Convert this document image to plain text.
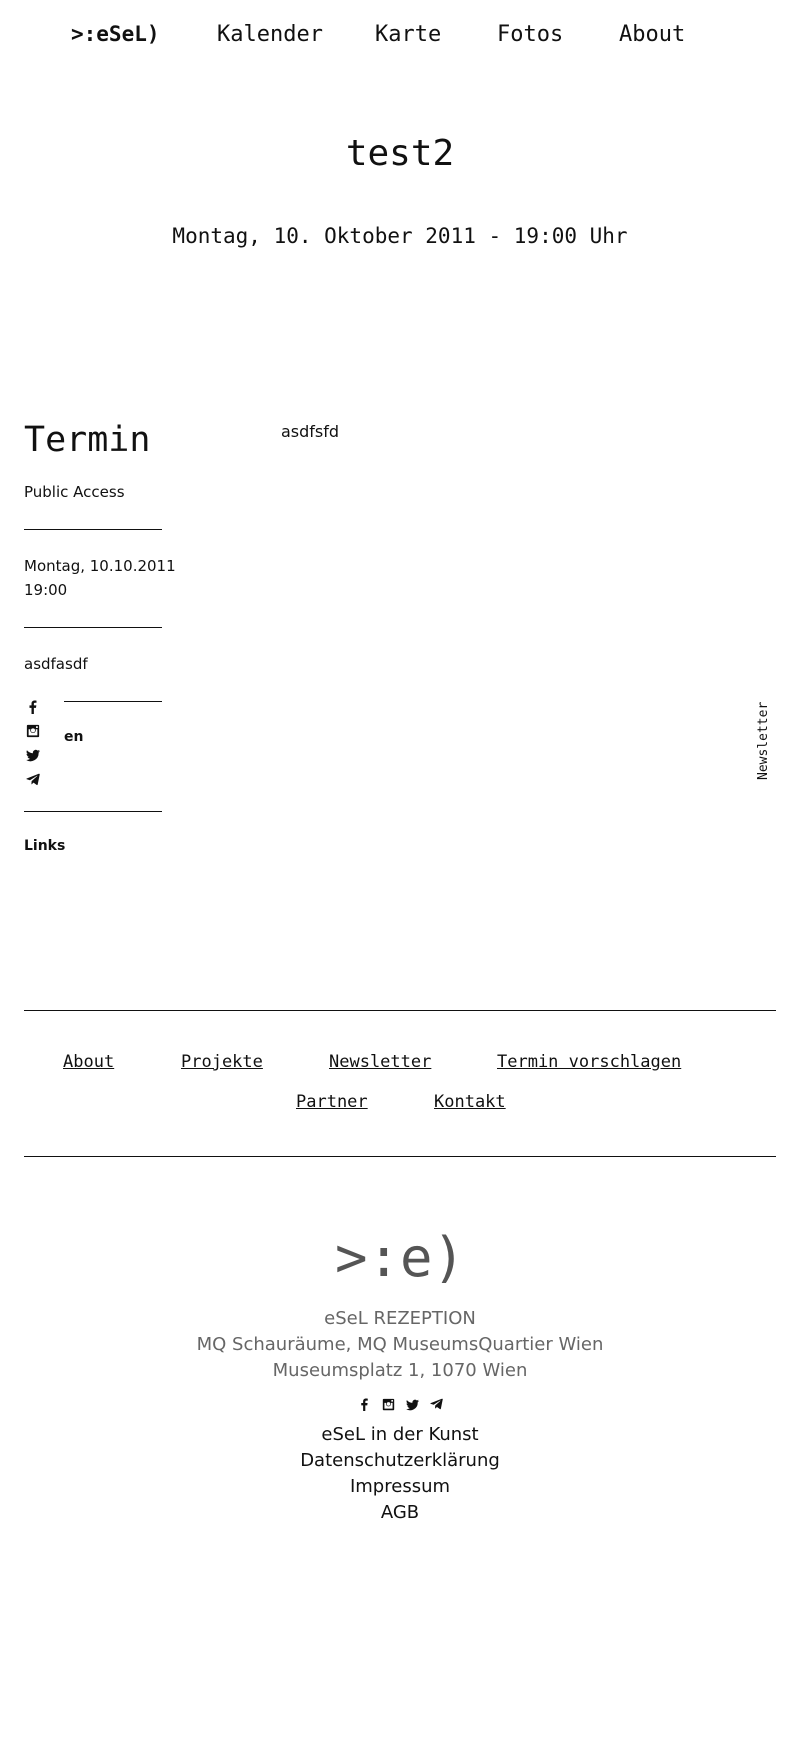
>:eSeL)	Kalender Karte	Fotos	About
test2
Montag, 10. Oktober 2011 - 19:00 Uhr
Termin
Public Access
Montag, 10.10.2011
19:00
asdfasdf
en
Links
asdfsfd
Newsletter
About	Projekte	Newsletter	Termin vorschlagen
Partner	Kontakt
>:e)
eSeL REZEPTION
MQ Schauräume, MQ MuseumsQuartier Wien
Museumsplatz 1, 1070 Wien
eSeL in der Kunst
Datenschutzerklärung
Impressum
AGB
